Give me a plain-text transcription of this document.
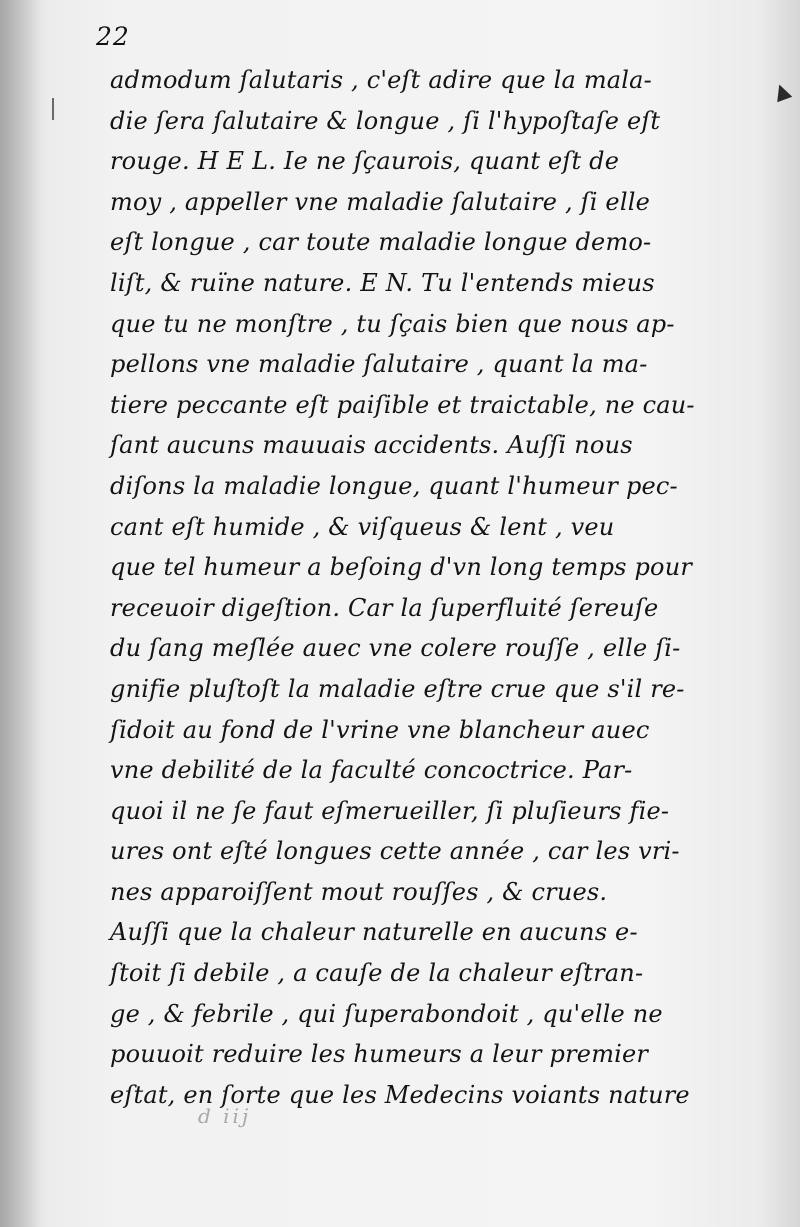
22
admodum ſalutaris , c'eſt adire que la mala-
die ſera ſalutaire & longue , ſi l'hypoſtaſe eſt
rouge. H E L. Ie ne ſçaurois, quant eſt de
moy , appeller vne maladie ſalutaire , ſi elle
eſt longue , car toute maladie longue demo-
liſt, & ruïne nature. E N. Tu l'entends mieus
que tu ne monſtre , tu ſçais bien que nous ap-
pellons vne maladie ſalutaire , quant la ma-
tiere peccante eſt paiſible et traictable, ne cau-
ſant aucuns mauuais accidents. Auſſi nous
diſons la maladie longue, quant l'humeur pec-
cant eſt humide , & viſqueus & lent , veu
que tel humeur a beſoing d'vn long temps pour
receuoir digeſtion. Car la ſuperfluité ſereuſe
du ſang meſlée auec vne colere rouſſe , elle ſi-
gnifie pluſtoſt la maladie eſtre crue que s'il re-
ſidoit au fond de l'vrine vne blancheur auec
vne debilité de la faculté concoctrice. Par-
quoi il ne ſe faut eſmerueiller, ſi pluſieurs fie-
ures ont eſté longues cette année , car les vri-
nes apparoiſſent mout rouſſes , & crues.
Auſſi que la chaleur naturelle en aucuns e-
ſtoit ſi debile , a cauſe de la chaleur eſtran-
ge , & febrile , qui ſuperabondoit , qu'elle ne
pouuoit reduire les humeurs a leur premier
eſtat, en ſorte que les Medecins voiants nature
d iij
